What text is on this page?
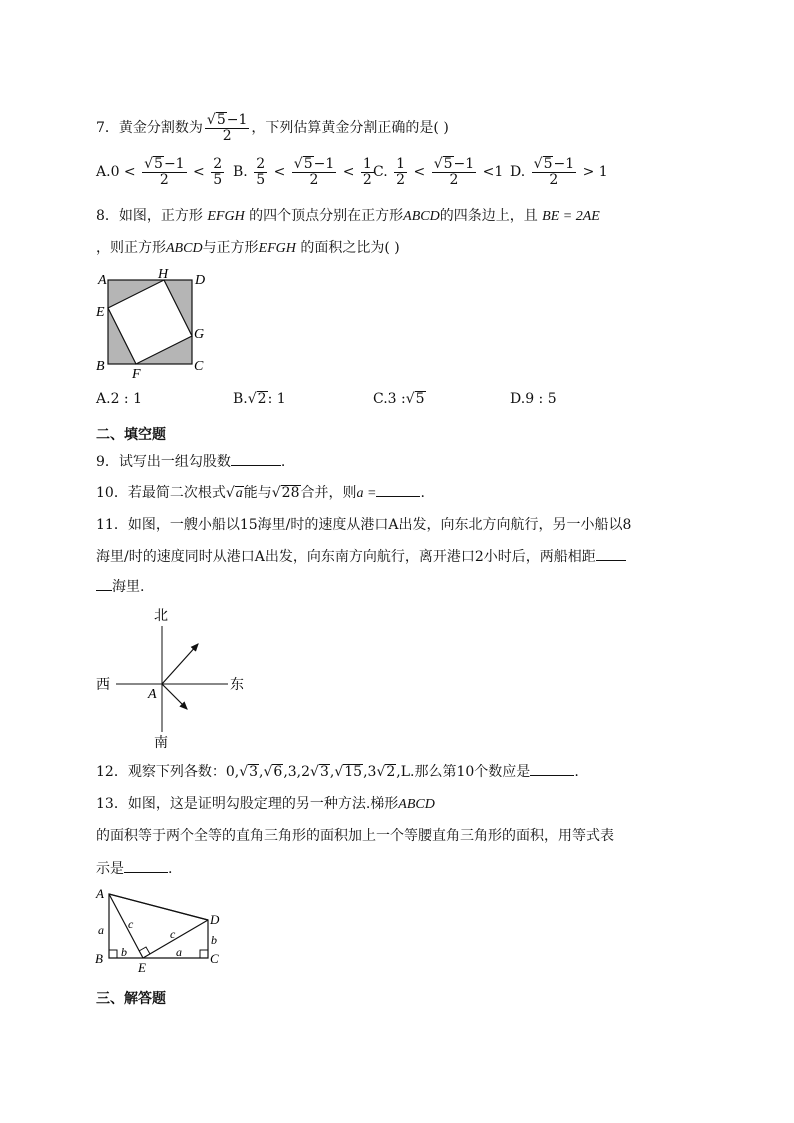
7．黄金分割数为 $\frac{√5-1}{2}$ ，下列估算黄金分割正确的是( )
$A.0 < \frac{√5-1}{2} < \frac{2}{5} B$. $\frac{2}{5} < \frac{√5-1}{2} < \frac{1}{2} C$. $\frac{1}{2} < \frac{√5-1}{2} <1$ D. $\frac{√5-1}{2} > 1$
8．如图，正方形 EFGH 的四个顶点分别在正方形ABCD的四条边上，且 BE = 2AE
，则正方形ABCD与正方形EFGH 的面积之比为( )
A	H D
E
G
B
F
C
A.2 : 1	B.√2: 1	C.3 :√5	D.9 : 5
二、填空题
9．试写出一组勾股数	.
10．若最简二次根式√a能与√28合并，则a =	.
11．如图，一艘小船以15海里/时的速度从港口A出发，向东北方向航行，另一小船以8
海里/时的速度同时从港口A出发，向东南方向航行，离开港口2小时后，两船相距
海里.
北
南
西	东
A
12．观察下列各数：0,√3,√6,3,2√3,√15,3√2,L.那么第10个数应是	.
13．如图，这是证明勾股定理的另一种方法.梯形ABCD
的面积等于两个全等的直角三角形的面积加上一个等腰直角三角形的面积，用等式表
示是	.
A
B	C
D
E
a
b
c
c
a
b
三、解答题
